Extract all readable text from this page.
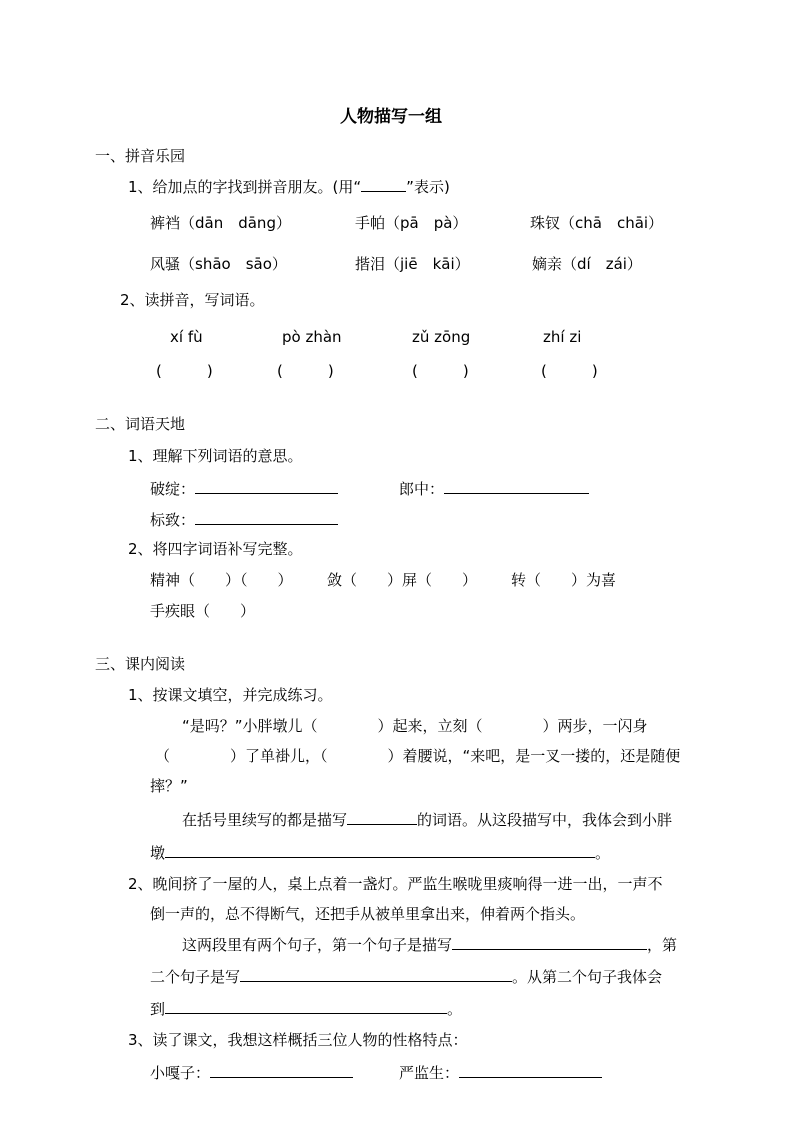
人物描写一组
一、拼音乐园
1、给加点的字找到拼音朋友。(用“	”表示)
裤裆（dān　dāng）	手帕（pā　pà）	珠钗（chā　chāi）
风骚（shāo　sāo）	揩泪（jiē　kāi）	嫡亲（dí　zái）
2、读拼音，写词语。
xí fù	pò zhàn	zǔ zōng	zhí zi
(　　　)	(　　　)	(　　　)	(　　　)
二、词语天地
1、理解下列词语的意思。
破绽：	郎中：
标致：
2、将四字词语补写完整。
精神（　　）（　　） 敛（　　）屏（　　） 转（　　）为喜
手疾眼（　　）
三、课内阅读
1、按课文填空，并完成练习。
“是吗？”小胖墩儿（　　　　）起来，立刻（　　　　）两步，一闪身
（　　　　）了单褂儿，（　　　　）着腰说，“来吧，是一叉一搂的，还是随便
摔？”
在括号里续写的都是描写	的词语。从这段描写中，我体会到小胖
墩	。
2、晚间挤了一屋的人，桌上点着一盏灯。严监生喉咙里痰响得一进一出，一声不
倒一声的，总不得断气，还把手从被单里拿出来，伸着两个指头。
这两段里有两个句子，第一个句子是描写	，第
二个句子是写	。从第二个句子我体会
到	。
3、读了课文，我想这样概括三位人物的性格特点：
小嘎子：	严监生：
